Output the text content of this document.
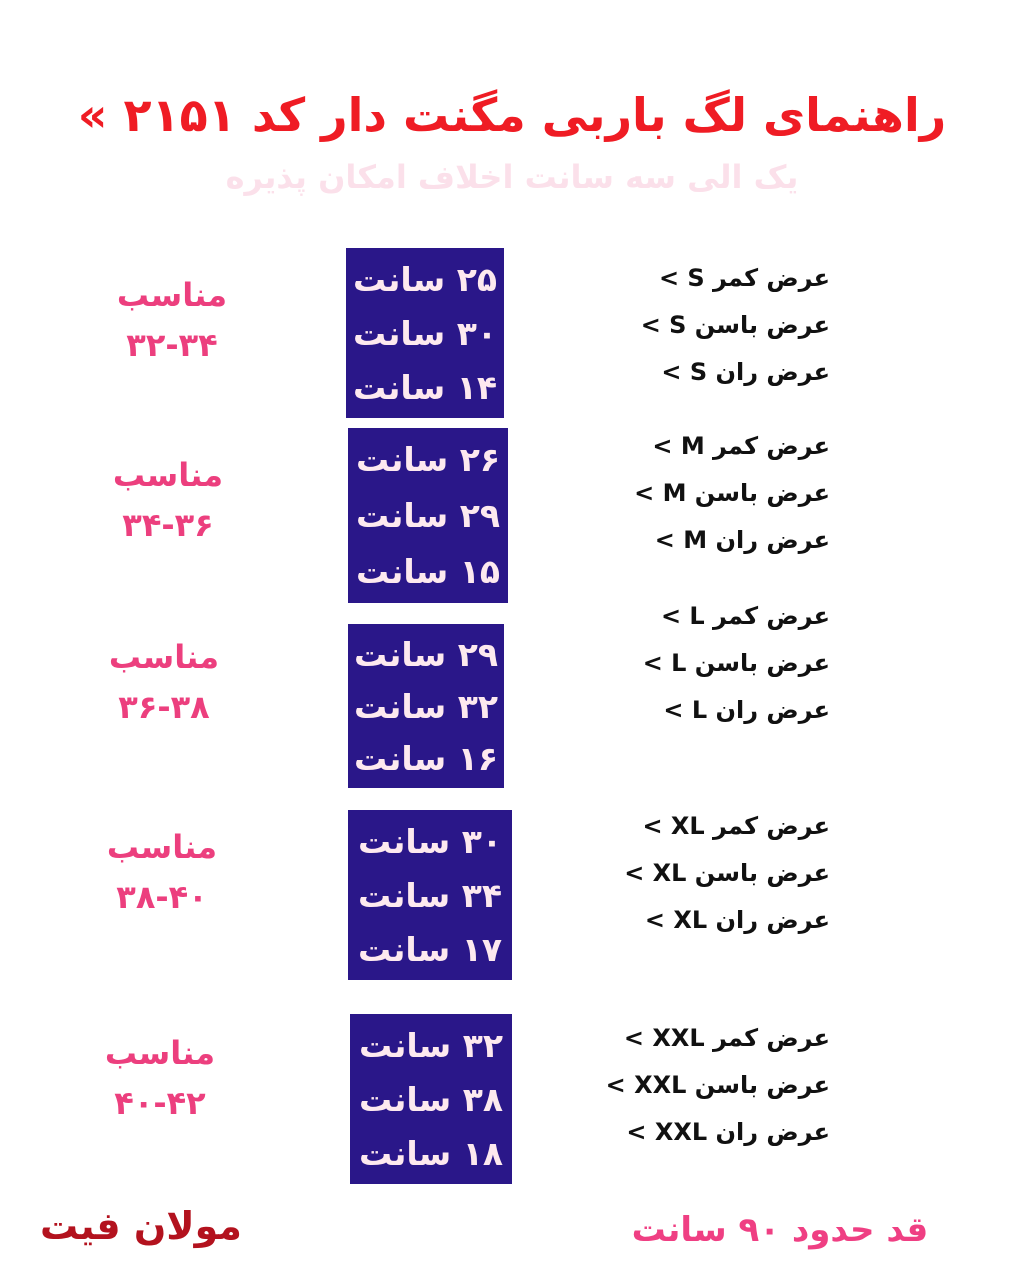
راهنمای لگ باربی مگنت دار کد ۲۱۵۱ »
یک الی سه سانت اخلاف امکان پذیره
۲۵ سانت
۳۰ سانت
۱۴ سانت
عرض کمر S >
عرض باسن S >
عرض ران S >
مناسب
۳۲-۳۴
۲۶ سانت
۲۹ سانت
۱۵ سانت
عرض کمر M >
عرض باسن M >
عرض ران M >
مناسب
۳۴-۳۶
۲۹ سانت
۳۲ سانت
۱۶ سانت
عرض کمر L >
عرض باسن L >
عرض ران L >
مناسب
۳۶-۳۸
۳۰ سانت
۳۴ سانت
۱۷ سانت
عرض کمر XL >
عرض باسن XL >
عرض ران XL >
مناسب
۳۸-۴۰
۳۲ سانت
۳۸ سانت
۱۸ سانت
عرض کمر XXL >
عرض باسن XXL >
عرض ران XXL >
مناسب
۴۰-۴۲
مولان فیت	قد حدود ۹۰ سانت
